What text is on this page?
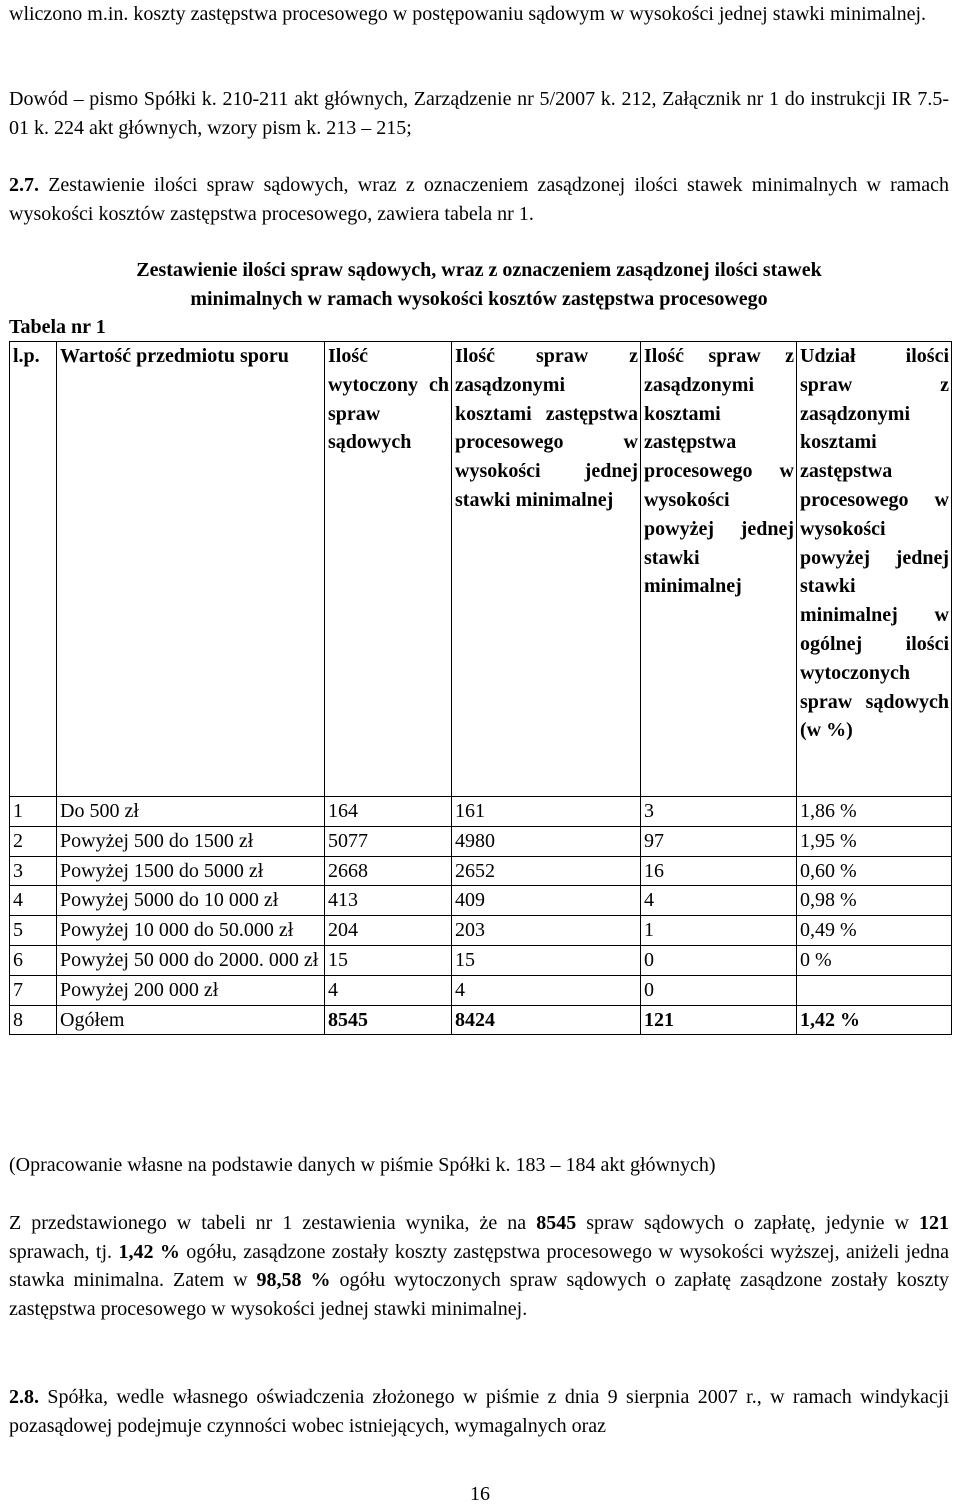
wliczono m.in. koszty zastępstwa procesowego w postępowaniu sądowym w wysokości jednej stawki minimalnej.

Dowód – pismo Spółki k. 210-211 akt głównych, Zarządzenie nr 5/2007 k. 212, Załącznik nr 1 do instrukcji IR 7.5-01 k. 224 akt głównych, wzory pism k. 213 – 215;

2.7. Zestawienie ilości spraw sądowych, wraz z oznaczeniem zasądzonej ilości stawek minimalnych w ramach wysokości kosztów zastępstwa procesowego, zawiera tabela nr 1.

Zestawienie ilości spraw sądowych, wraz z oznaczeniem zasądzonej ilości stawek
minimalnych w ramach wysokości kosztów zastępstwa procesowego

Tabela nr 1

l.p.	Wartość przedmiotu sporu	Ilość wytoczony ch spraw sądowych	Ilość spraw z zasądzonymi kosztami zastępstwa procesowego w wysokości jednej stawki minimalnej	Ilość spraw z zasądzonymi kosztami zastępstwa procesowego w wysokości powyżej jednej stawki minimalnej	Udział ilości spraw z zasądzonymi kosztami zastępstwa procesowego w wysokości powyżej jednej stawki minimalnej w ogólnej ilości wytoczonych spraw sądowych (w %)

1	Do 500 zł	164	161	3	1,86 %
2	Powyżej 500 do 1500 zł	5077	4980	97	1,95 %
3	Powyżej 1500 do 5000 zł	2668	2652	16	0,60 %
4	Powyżej 5000 do 10 000 zł	413	409	4	0,98 %
5	Powyżej 10 000 do 50.000 zł	204	203	1	0,49 %
6	Powyżej 50 000 do 2000. 000 zł	15	15	0	0 %
7	Powyżej 200 000 zł	4	4	0	
8	Ogółem	8545	8424	121	1,42 %

(Opracowanie własne na podstawie danych w piśmie Spółki k. 183 – 184 akt głównych)

Z przedstawionego w tabeli nr 1 zestawienia wynika, że na 8545 spraw sądowych o zapłatę, jedynie w 121 sprawach, tj. 1,42 % ogółu, zasądzone zostały koszty zastępstwa procesowego w wysokości wyższej, aniżeli jedna stawka minimalna. Zatem w 98,58 % ogółu wytoczonych spraw sądowych o zapłatę zasądzone zostały koszty zastępstwa procesowego w wysokości jednej stawki minimalnej.

2.8. Spółka, wedle własnego oświadczenia złożonego w piśmie z dnia 9 sierpnia 2007 r., w ramach windykacji pozasądowej podejmuje czynności wobec istniejących, wymagalnych oraz

16
